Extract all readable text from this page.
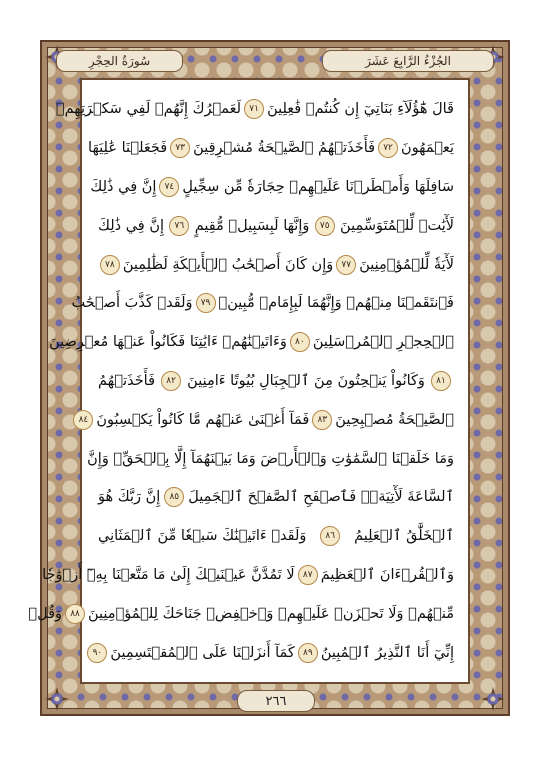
الجُزْءُ الرَّابِعَ عَشَرَ
سُورَةُ الحِجْرِ
قَالَ هَٰٓؤُلَآءِ بَنَاتِيٓ إِن كُنتُمۡ فَٰعِلِينَ
٧١
لَعَمۡرُكَ إِنَّهُمۡ لَفِي سَكۡرَتِهِمۡ
يَعۡمَهُونَ
٧٢
فَأَخَذَتۡهُمُ ٱلصَّيۡحَةُ مُشۡرِقِينَ
٧٣
فَجَعَلۡنَا عَٰلِيَهَا
سَافِلَهَا وَأَمۡطَرۡنَا عَلَيۡهِمۡ حِجَارَةٗ مِّن سِجِّيلٍ
٧٤
إِنَّ فِي ذَٰلِكَ
لَأٓيَٰتٖ لِّلۡمُتَوَسِّمِينَ
٧٥
وَإِنَّهَا لَبِسَبِيلٖ مُّقِيمٍ
٧٦
إِنَّ فِي ذَٰلِكَ
لَأٓيَةٗ لِّلۡمُؤۡمِنِينَ
٧٧
وَإِن كَانَ أَصۡحَٰبُ ٱلۡأَيۡكَةِ لَظَٰلِمِينَ
٧٨
فَٱنتَقَمۡنَا مِنۡهُمۡ وَإِنَّهُمَا لَبِإِمَامٖ مُّبِينٖ
٧٩
وَلَقَدۡ كَذَّبَ أَصۡحَٰبُ
ٱلۡحِجۡرِ ٱلۡمُرۡسَلِينَ
٨٠
وَءَاتَيۡنَٰهُمۡ ءَايَٰتِنَا فَكَانُواْ عَنۡهَا مُعۡرِضِينَ
٨١
وَكَانُواْ يَنۡحِتُونَ مِنَ ٱلۡجِبَالِ بُيُوتًا ءَامِنِينَ
٨٢
فَأَخَذَتۡهُمُ
ٱلصَّيۡحَةُ مُصۡبِحِينَ
٨٣
فَمَآ أَغۡنَىٰ عَنۡهُم مَّا كَانُواْ يَكۡسِبُونَ
٨٤
وَمَا خَلَقۡنَا ٱلسَّمَٰوَٰتِ وَٱلۡأَرۡضَ وَمَا بَيۡنَهُمَآ إِلَّا بِٱلۡحَقِّۗ وَإِنَّ
ٱلسَّاعَةَ لَأٓتِيَةٞۖ فَٱصۡفَحِ ٱلصَّفۡحَ ٱلۡجَمِيلَ
٨٥
إِنَّ رَبَّكَ هُوَ
ٱلۡخَلَّٰقُ ٱلۡعَلِيمُ
٨٦
وَلَقَدۡ ءَاتَيۡنَٰكَ سَبۡعٗا مِّنَ ٱلۡمَثَانِي
وَٱلۡقُرۡءَانَ ٱلۡعَظِيمَ
٨٧
لَا تَمُدَّنَّ عَيۡنَيۡكَ إِلَىٰ مَا مَتَّعۡنَا بِهِۦٓ أَزۡوَٰجٗا
مِّنۡهُمۡ وَلَا تَحۡزَنۡ عَلَيۡهِمۡ وَٱخۡفِضۡ جَنَاحَكَ لِلۡمُؤۡمِنِينَ
٨٨
وَقُلۡ
إِنِّيٓ أَنَا ٱلنَّذِيرُ ٱلۡمُبِينُ
٨٩
كَمَآ أَنزَلۡنَا عَلَى ٱلۡمُقۡتَسِمِينَ
٩٠
٢٦٦
